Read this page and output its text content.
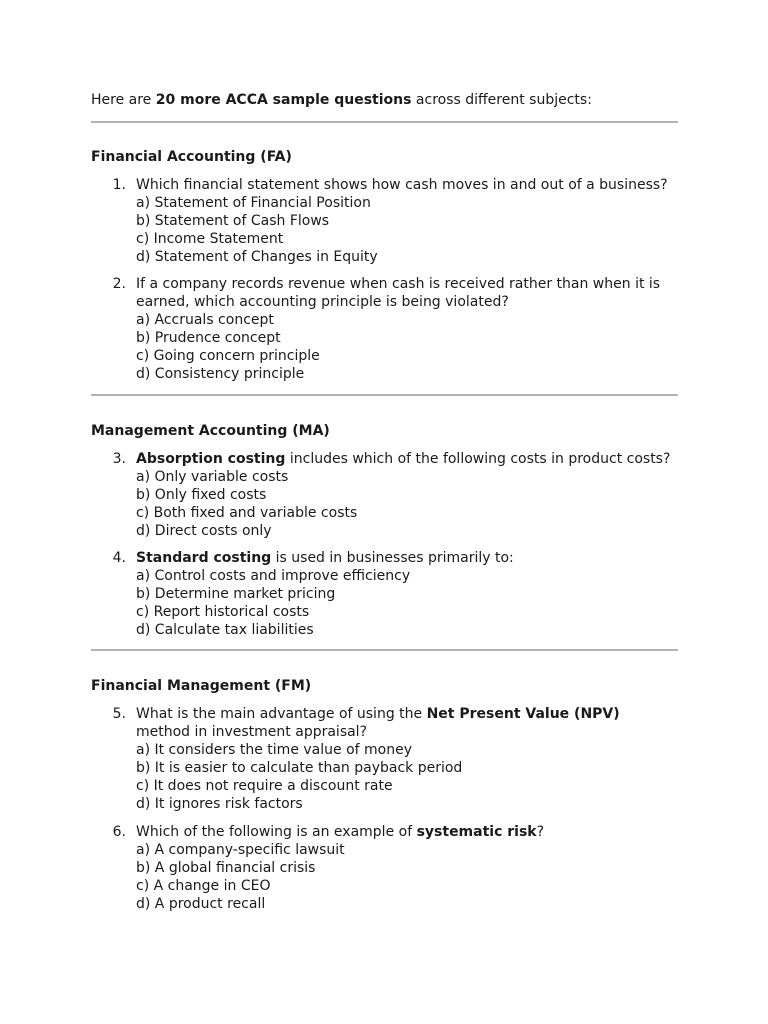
Here are 20 more ACCA sample questions across different subjects:

Financial Accounting (FA)
1. Which financial statement shows how cash moves in and out of a business?
a) Statement of Financial Position
b) Statement of Cash Flows
c) Income Statement
d) Statement of Changes in Equity
2. If a company records revenue when cash is received rather than when it is earned, which accounting principle is being violated?
a) Accruals concept
b) Prudence concept
c) Going concern principle
d) Consistency principle
Management Accounting (MA)
3. Absorption costing includes which of the following costs in product costs?
a) Only variable costs
b) Only fixed costs
c) Both fixed and variable costs
d) Direct costs only
4. Standard costing is used in businesses primarily to:
a) Control costs and improve efficiency
b) Determine market pricing
c) Report historical costs
d) Calculate tax liabilities
Financial Management (FM)
5. What is the main advantage of using the Net Present Value (NPV) method in investment appraisal?
a) It considers the time value of money
b) It is easier to calculate than payback period
c) It does not require a discount rate
d) It ignores risk factors
6. Which of the following is an example of systematic risk?
a) A company-specific lawsuit
b) A global financial crisis
c) A change in CEO
d) A product recall
